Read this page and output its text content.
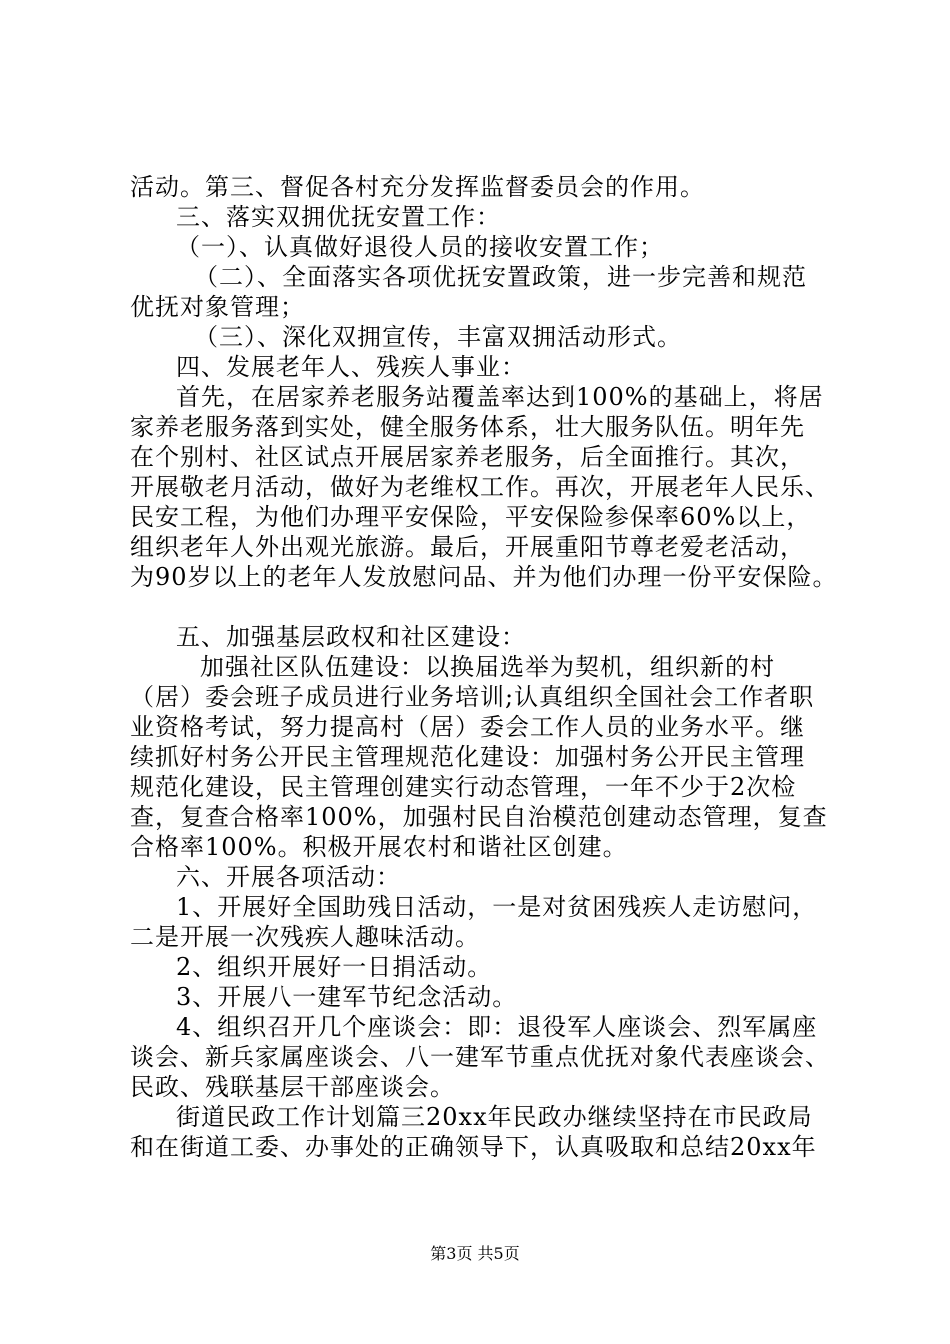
活动。第三、督促各村充分发挥监督委员会的作用。
三、落实双拥优抚安置工作：
（一）、认真做好退役人员的接收安置工作；
（二）、全面落实各项优抚安置政策，进一步完善和规范
优抚对象管理；
（三）、深化双拥宣传，丰富双拥活动形式。
四、发展老年人、残疾人事业：
首先，在居家养老服务站覆盖率达到100%的基础上，将居
家养老服务落到实处，健全服务体系，壮大服务队伍。明年先
在个别村、社区试点开展居家养老服务，后全面推行。其次，
开展敬老月活动，做好为老维权工作。再次，开展老年人民乐、
民安工程，为他们办理平安保险，平安保险参保率60%以上，
组织老年人外出观光旅游。最后，开展重阳节尊老爱老活动，
为90岁以上的老年人发放慰问品、并为他们办理一份平安保险。
五、加强基层政权和社区建设：
加强社区队伍建设：以换届选举为契机，组织新的村
（居）委会班子成员进行业务培训;认真组织全国社会工作者职
业资格考试，努力提高村（居）委会工作人员的业务水平。继
续抓好村务公开民主管理规范化建设：加强村务公开民主管理
规范化建设，民主管理创建实行动态管理，一年不少于2次检
查，复查合格率100%，加强村民自治模范创建动态管理，复查
合格率100%。积极开展农村和谐社区创建。
六、开展各项活动：
1、开展好全国助残日活动，一是对贫困残疾人走访慰问，
二是开展一次残疾人趣味活动。
2、组织开展好一日捐活动。
3、开展八一建军节纪念活动。
4、组织召开几个座谈会：即：退役军人座谈会、烈军属座
谈会、新兵家属座谈会、八一建军节重点优抚对象代表座谈会、
民政、残联基层干部座谈会。
街道民政工作计划篇三20xx年民政办继续坚持在市民政局
和在街道工委、办事处的正确领导下，认真吸取和总结20xx年
第3页 共5页
